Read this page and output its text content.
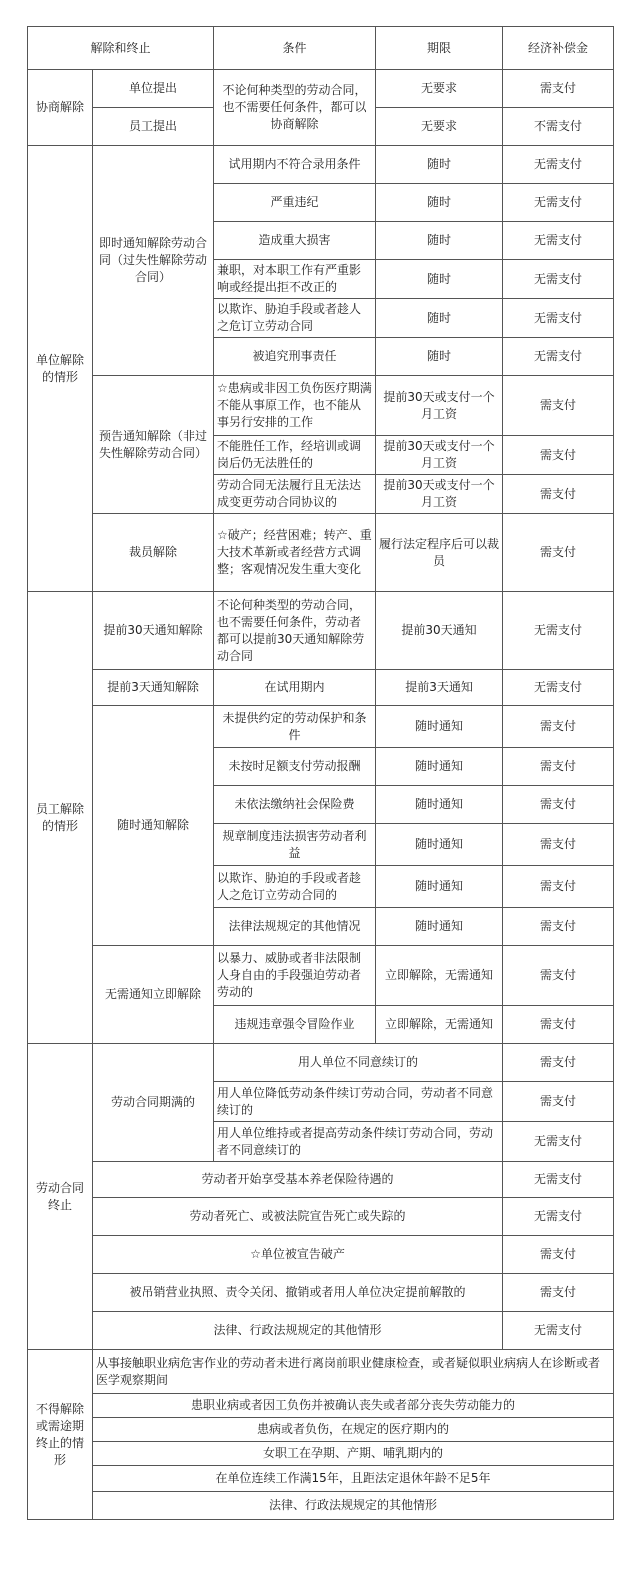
解除和终止		条件	期限	经济补偿金
协商解除	单位提出	不论何种类型的劳动合同，也不需要任何条件，都可以协商解除	无要求	需支付
	员工提出		无要求	不需支付
单位解除的情形	即时通知解除劳动合同（过失性解除劳动合同）	试用期内不符合录用条件	随时	无需支付
		严重违纪	随时	无需支付
		造成重大损害	随时	无需支付
		兼职，对本职工作有严重影响或经提出拒不改正的	随时	无需支付
		以欺诈、胁迫手段或者趁人之危订立劳动合同	随时	无需支付
		被追究刑事责任	随时	无需支付
	预告通知解除（非过失性解除劳动合同）	☆患病或非因工负伤医疗期满不能从事原工作，也不能从事另行安排的工作	提前30天或支付一个月工资	需支付
		不能胜任工作，经培训或调岗后仍无法胜任的	提前30天或支付一个月工资	需支付
		劳动合同无法履行且无法达成变更劳动合同协议的	提前30天或支付一个月工资	需支付
	裁员解除	☆破产；经营困难；转产、重大技术革新或者经营方式调整；客观情况发生重大变化	履行法定程序后可以裁员	需支付
员工解除的情形	提前30天通知解除	不论何种类型的劳动合同，也不需要任何条件，劳动者都可以提前30天通知解除劳动合同	提前30天通知	无需支付
	提前3天通知解除	在试用期内	提前3天通知	无需支付
	随时通知解除	未提供约定的劳动保护和条件	随时通知	需支付
		未按时足额支付劳动报酬	随时通知	需支付
		未依法缴纳社会保险费	随时通知	需支付
		规章制度违法损害劳动者利益	随时通知	需支付
		以欺诈、胁迫的手段或者趁人之危订立劳动合同的	随时通知	需支付
		法律法规规定的其他情况	随时通知	需支付
	无需通知立即解除	以暴力、威胁或者非法限制人身自由的手段强迫劳动者劳动的	立即解除，无需通知	需支付
		违规违章强令冒险作业	立即解除，无需通知	需支付
劳动合同终止	劳动合同期满的	用人单位不同意续订的		需支付
		用人单位降低劳动条件续订劳动合同，劳动者不同意续订的		需支付
		用人单位维持或者提高劳动条件续订劳动合同，劳动者不同意续订的		无需支付
	劳动者开始享受基本养老保险待遇的			无需支付
	劳动者死亡、或被法院宣告死亡或失踪的			无需支付
	☆单位被宣告破产			需支付
	被吊销营业执照、责令关闭、撤销或者用人单位决定提前解散的			需支付
	法律、行政法规规定的其他情形			无需支付
不得解除或需途期终止的情形	从事接触职业病危害作业的劳动者未进行离岗前职业健康检查，或者疑似职业病病人在诊断或者医学观察期间			
	患职业病或者因工负伤并被确认丧失或者部分丧失劳动能力的			
	患病或者负伤，在规定的医疗期内的			
	女职工在孕期、产期、哺乳期内的			
	在单位连续工作满15年，且距法定退休年龄不足5年			
	法律、行政法规规定的其他情形			
